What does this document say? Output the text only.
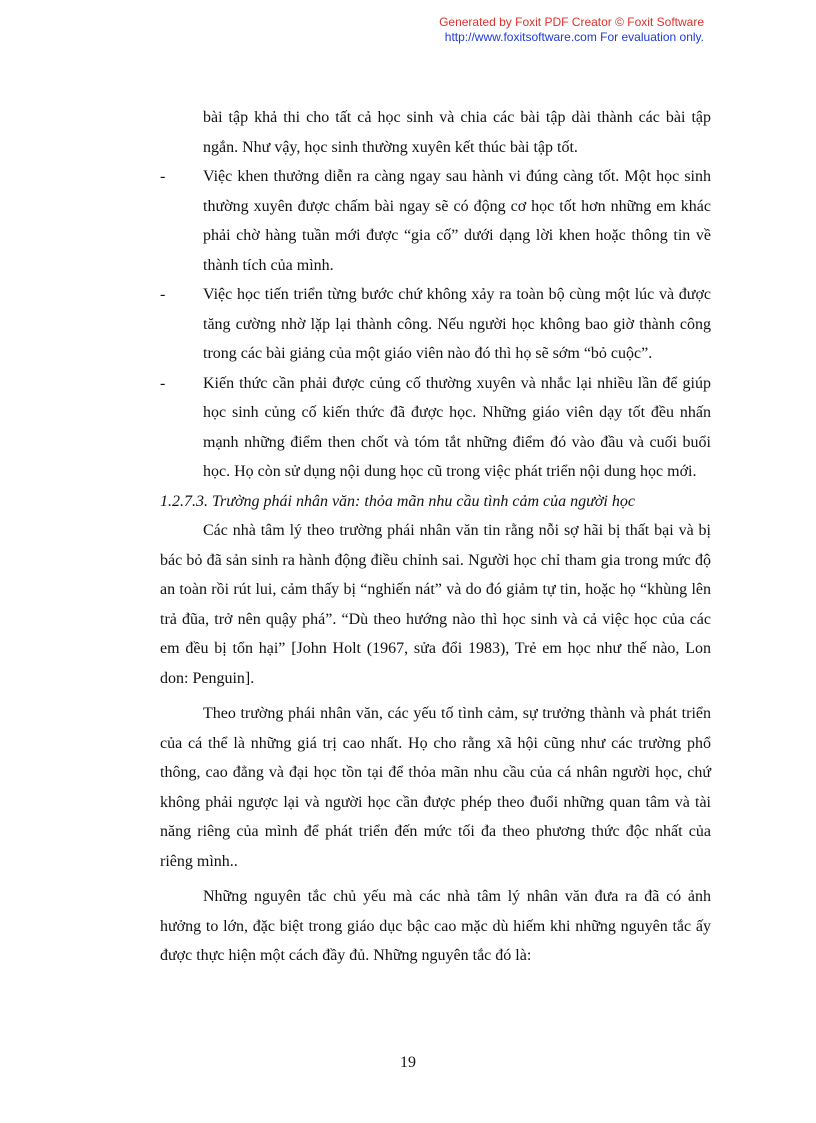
Generated by Foxit PDF Creator © Foxit Software
http://www.foxitsoftware.com For evaluation only.

bài tập khả thi cho tất cả học sinh và chia các bài tập dài thành các bài tập ngắn. Như vậy, học sinh thường xuyên kết thúc bài tập tốt.

- Việc khen thưởng diễn ra càng ngay sau hành vi đúng càng tốt. Một học sinh thường xuyên được chấm bài ngay sẽ có động cơ học tốt hơn những em khác phải chờ hàng tuần mới được “gia cố” dưới dạng lời khen hoặc thông tin về thành tích của mình.

- Việc học tiến triển từng bước chứ không xảy ra toàn bộ cùng một lúc và được tăng cường nhờ lặp lại thành công. Nếu người học không bao giờ thành công trong các bài giảng của một giáo viên nào đó thì họ sẽ sớm “bỏ cuộc”.

- Kiến thức cần phải được củng cố thường xuyên và nhắc lại nhiều lần để giúp học sinh củng cố kiến thức đã được học. Những giáo viên dạy tốt đều nhấn mạnh những điểm then chốt và tóm tắt những điểm đó vào đầu và cuối buổi học. Họ còn sử dụng nội dung học cũ trong việc phát triển nội dung học mới.

1.2.7.3. Trường phái nhân văn: thỏa mãn nhu cầu tình cảm của người học

Các nhà tâm lý theo trường phái nhân văn tin rằng nỗi sợ hãi bị thất bại và bị bác bỏ đã sản sinh ra hành động điều chỉnh sai. Người học chỉ tham gia trong mức độ an toàn rồi rút lui, cảm thấy bị “nghiến nát” và do đó giảm tự tin, hoặc họ “khùng lên trả đũa, trở nên quậy phá”. “Dù theo hướng nào thì học sinh và cả việc học của các em đều bị tổn hại” [John Holt (1967, sửa đổi 1983), Trẻ em học như thế nào, Lon don: Penguin].

Theo trường phái nhân văn, các yếu tố tình cảm, sự trưởng thành và phát triển của cá thể là những giá trị cao nhất. Họ cho rằng xã hội cũng như các trường phổ thông, cao đẳng và đại học tồn tại để thỏa mãn nhu cầu của cá nhân người học, chứ không phải ngược lại và người học cần được phép theo đuổi những quan tâm và tài năng riêng của mình để phát triển đến mức tối đa theo phương thức độc nhất của riêng mình..

Những nguyên tắc chủ yếu mà các nhà tâm lý nhân văn đưa ra đã có ảnh hưởng to lớn, đặc biệt trong giáo dục bậc cao mặc dù hiếm khi những nguyên tắc ấy được thực hiện một cách đầy đủ. Những nguyên tắc đó là:

19
